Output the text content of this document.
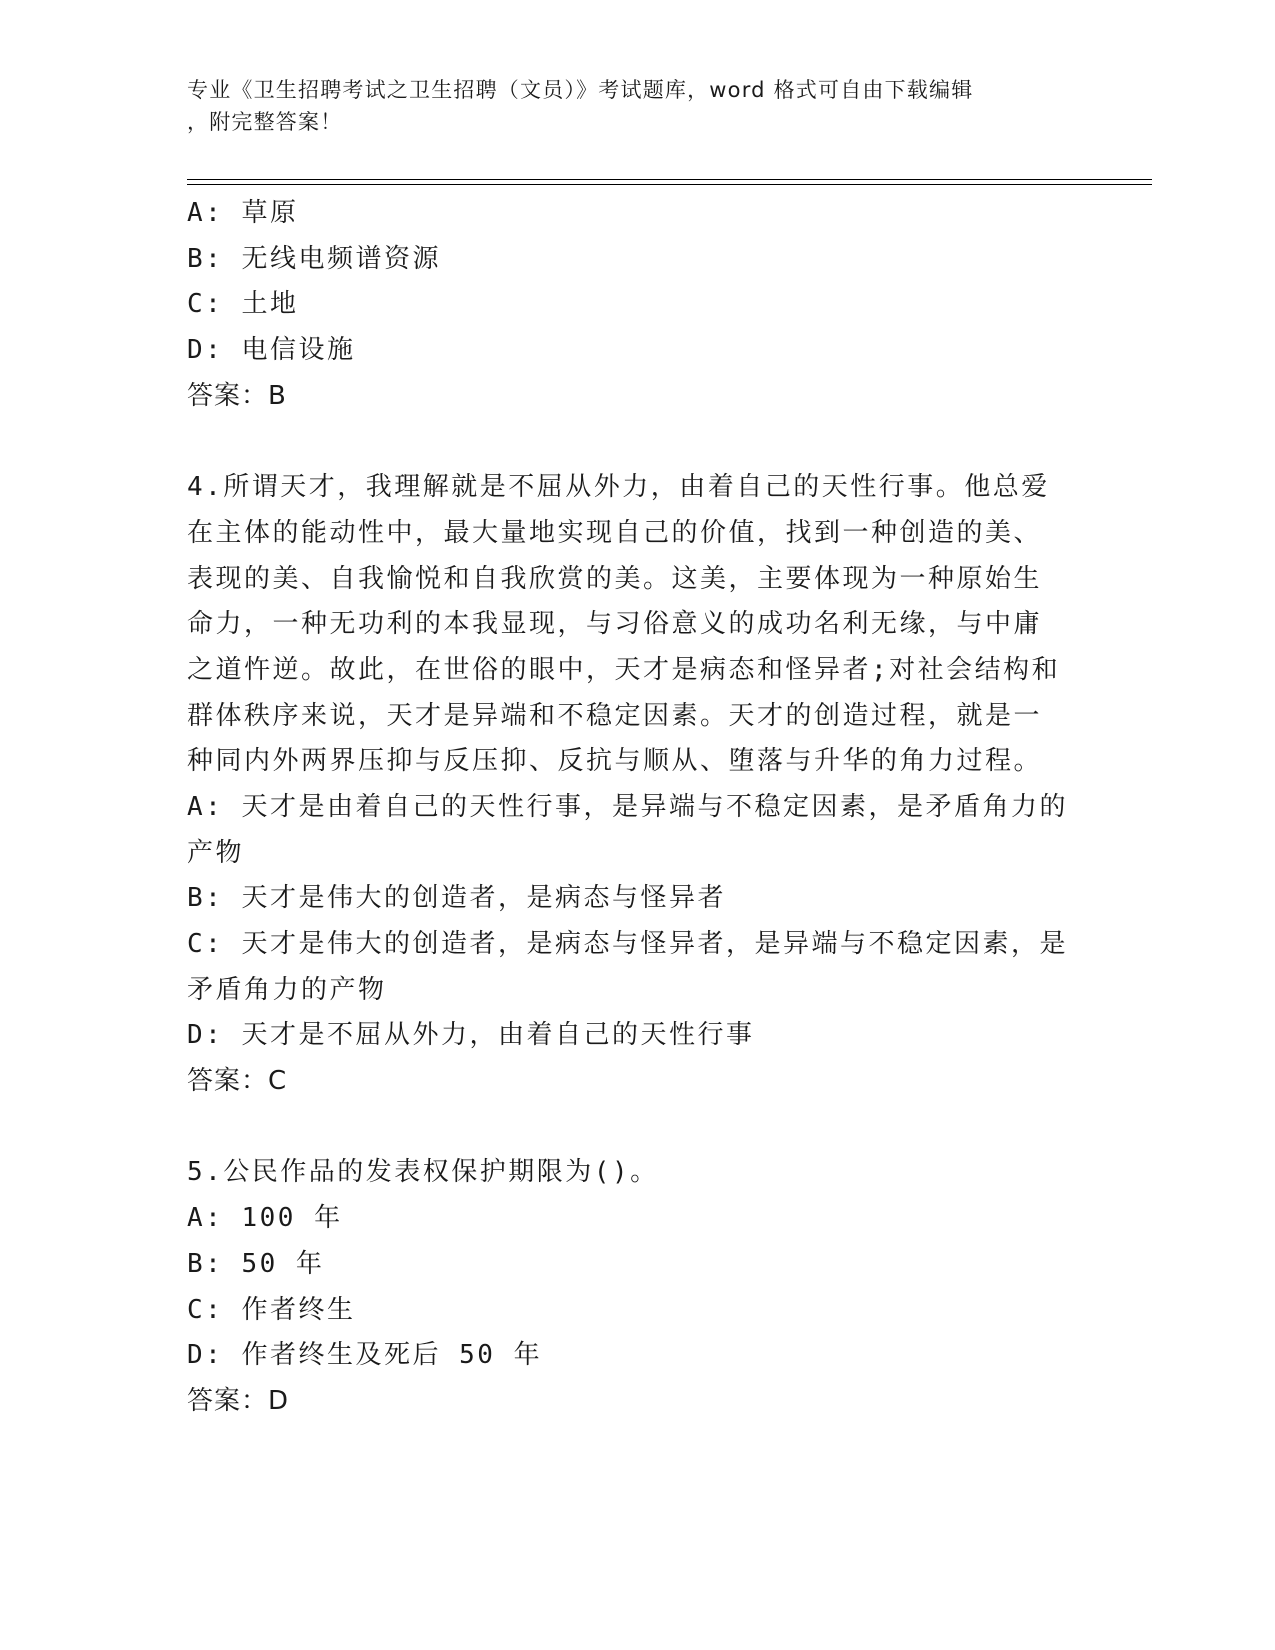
专业《卫生招聘考试之卫生招聘（文员）》考试题库，word 格式可自由下载编辑
，附完整答案！
A: 草原
B: 无线电频谱资源
C: 土地
D: 电信设施
答案：B
4.所谓天才，我理解就是不屈从外力，由着自己的天性行事。他总爱
在主体的能动性中，最大量地实现自己的价值，找到一种创造的美、
表现的美、自我愉悦和自我欣赏的美。这美，主要体现为一种原始生
命力，一种无功利的本我显现，与习俗意义的成功名利无缘，与中庸
之道忤逆。故此，在世俗的眼中，天才是病态和怪异者;对社会结构和
群体秩序来说，天才是异端和不稳定因素。天才的创造过程，就是一
种同内外两界压抑与反压抑、反抗与顺从、堕落与升华的角力过程。
A: 天才是由着自己的天性行事，是异端与不稳定因素，是矛盾角力的
产物
B: 天才是伟大的创造者，是病态与怪异者
C: 天才是伟大的创造者，是病态与怪异者，是异端与不稳定因素，是
矛盾角力的产物
D: 天才是不屈从外力，由着自己的天性行事
答案：C
5.公民作品的发表权保护期限为()。
A: 100 年
B: 50 年
C: 作者终生
D: 作者终生及死后 50 年
答案：D
